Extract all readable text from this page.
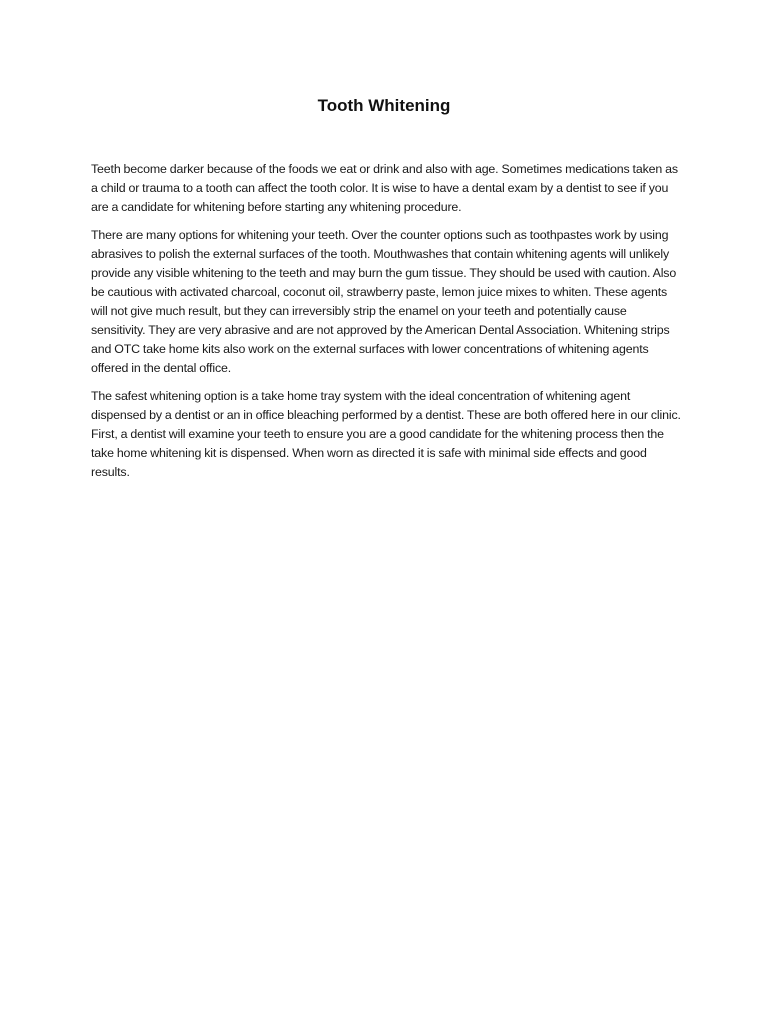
Tooth Whitening

Teeth become darker because of the foods we eat or drink and also with age. Sometimes medications taken as a child or trauma to a tooth can affect the tooth color. It is wise to have a dental exam by a dentist to see if you are a candidate for whitening before starting any whitening procedure.

There are many options for whitening your teeth. Over the counter options such as toothpastes work by using abrasives to polish the external surfaces of the tooth. Mouthwashes that contain whitening agents will unlikely provide any visible whitening to the teeth and may burn the gum tissue. They should be used with caution. Also be cautious with activated charcoal, coconut oil, strawberry paste, lemon juice mixes to whiten. These agents will not give much result, but they can irreversibly strip the enamel on your teeth and potentially cause sensitivity. They are very abrasive and are not approved by the American Dental Association. Whitening strips and OTC take home kits also work on the external surfaces with lower concentrations of whitening agents offered in the dental office.

The safest whitening option is a take home tray system with the ideal concentration of whitening agent dispensed by a dentist or an in office bleaching performed by a dentist. These are both offered here in our clinic. First, a dentist will examine your teeth to ensure you are a good candidate for the whitening process then the take home whitening kit is dispensed. When worn as directed it is safe with minimal side effects and good results.
